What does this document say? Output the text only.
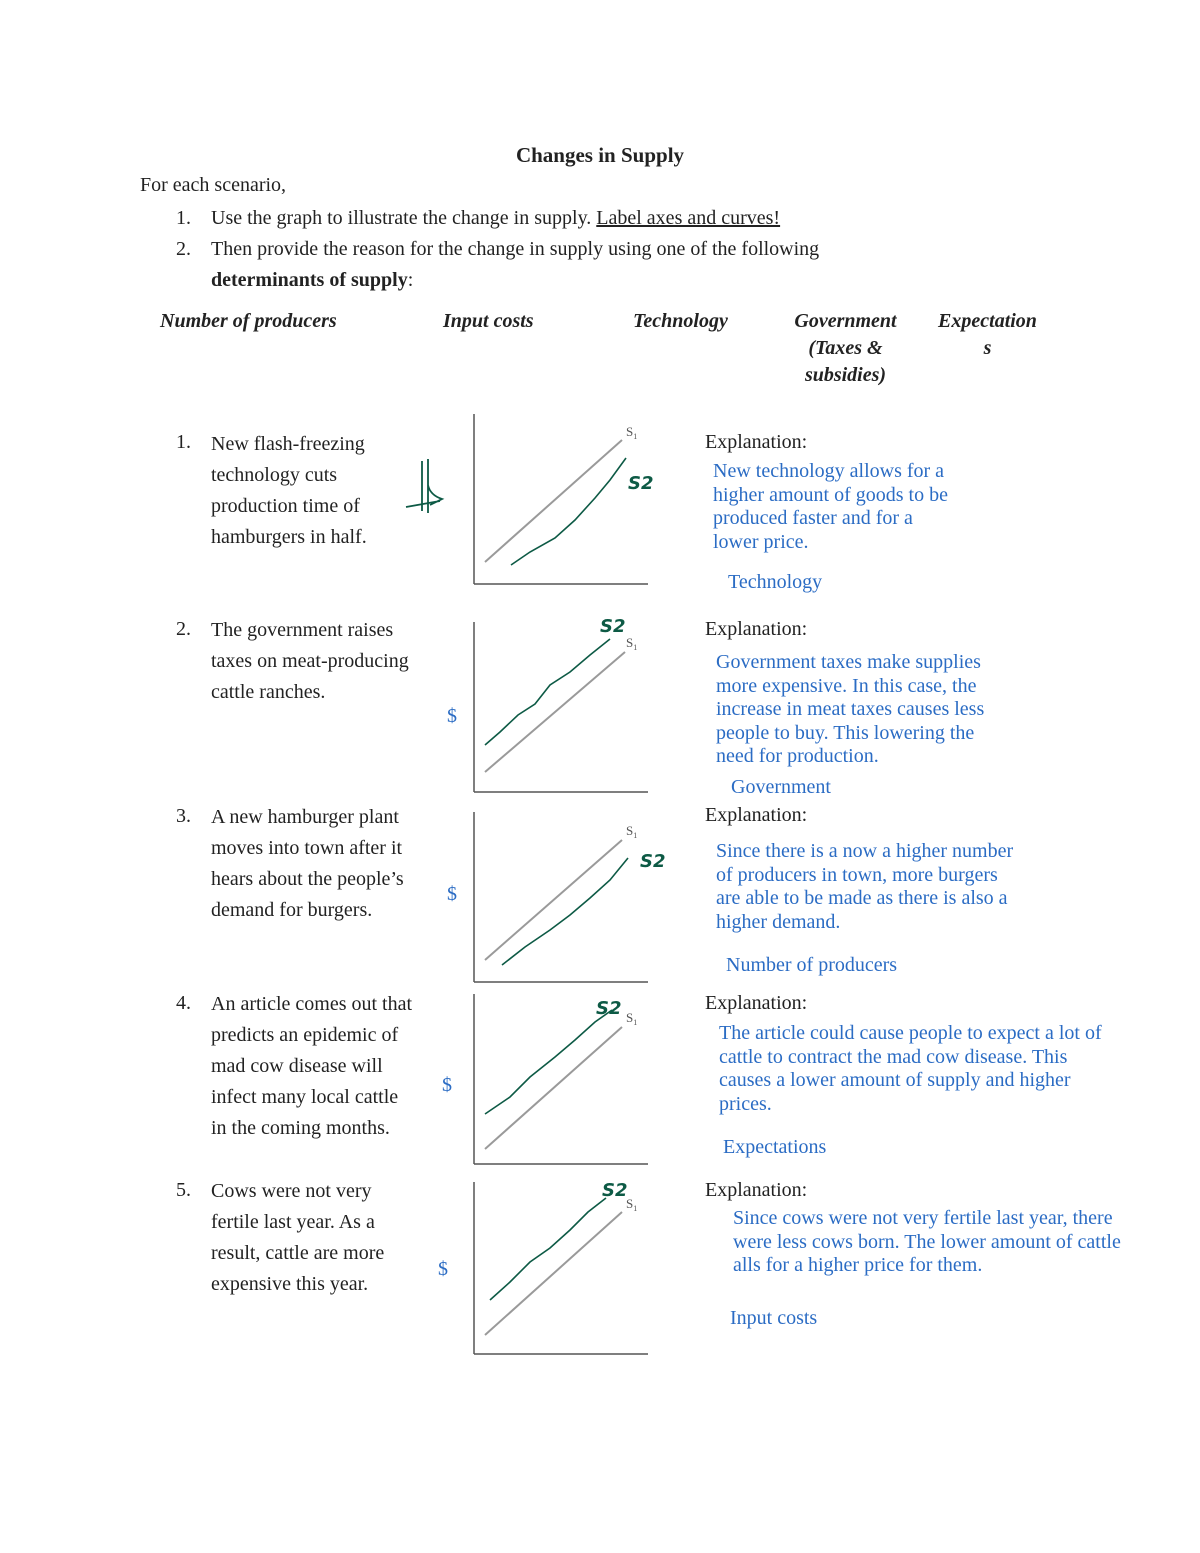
Changes in Supply
For each scenario,
1. Use the graph to illustrate the change in supply. Label axes and curves!
2. Then provide the reason for the change in supply using one of the following
determinants of supply:
Number of producers	Input costs	Technology	Government
(Taxes &
subsidies)
Expectation
s
1. New flash-freezing
technology cuts
production time of
hamburgers in half.
$S_1$
S2
Explanation:
New technology allows for a
higher amount of goods to be
produced faster and for a
lower price.
Technology
2. The government raises
taxes on meat-producing
cattle ranches.
$
$S_1$
S2	Explanation:
Government taxes make supplies
more expensive. In this case, the
increase in meat taxes causes less
people to buy. This lowering the
need for production.
Government
3. A new hamburger plant
moves into town after it
hears about the people’s
demand for burgers.
$
$S_1$
S2
Explanation:
Since there is a now a higher number
of producers in town, more burgers
are able to be made as there is also a
higher demand.
Number of producers
4. An article comes out that
predicts an epidemic of
mad cow disease will
infect many local cattle
in the coming months.
$
$S_1$
S2	Explanation:
The article could cause people to expect a lot of
cattle to contract the mad cow disease. This
causes a lower amount of supply and higher
prices.
Expectations
5. Cows were not very
fertile last year. As a
result, cattle are more
expensive this year.
$
$S_1$
S2	Explanation:
Since cows were not very fertile last year, there
were less cows born. The lower amount of cattle
alls for a higher price for them.
Input costs
